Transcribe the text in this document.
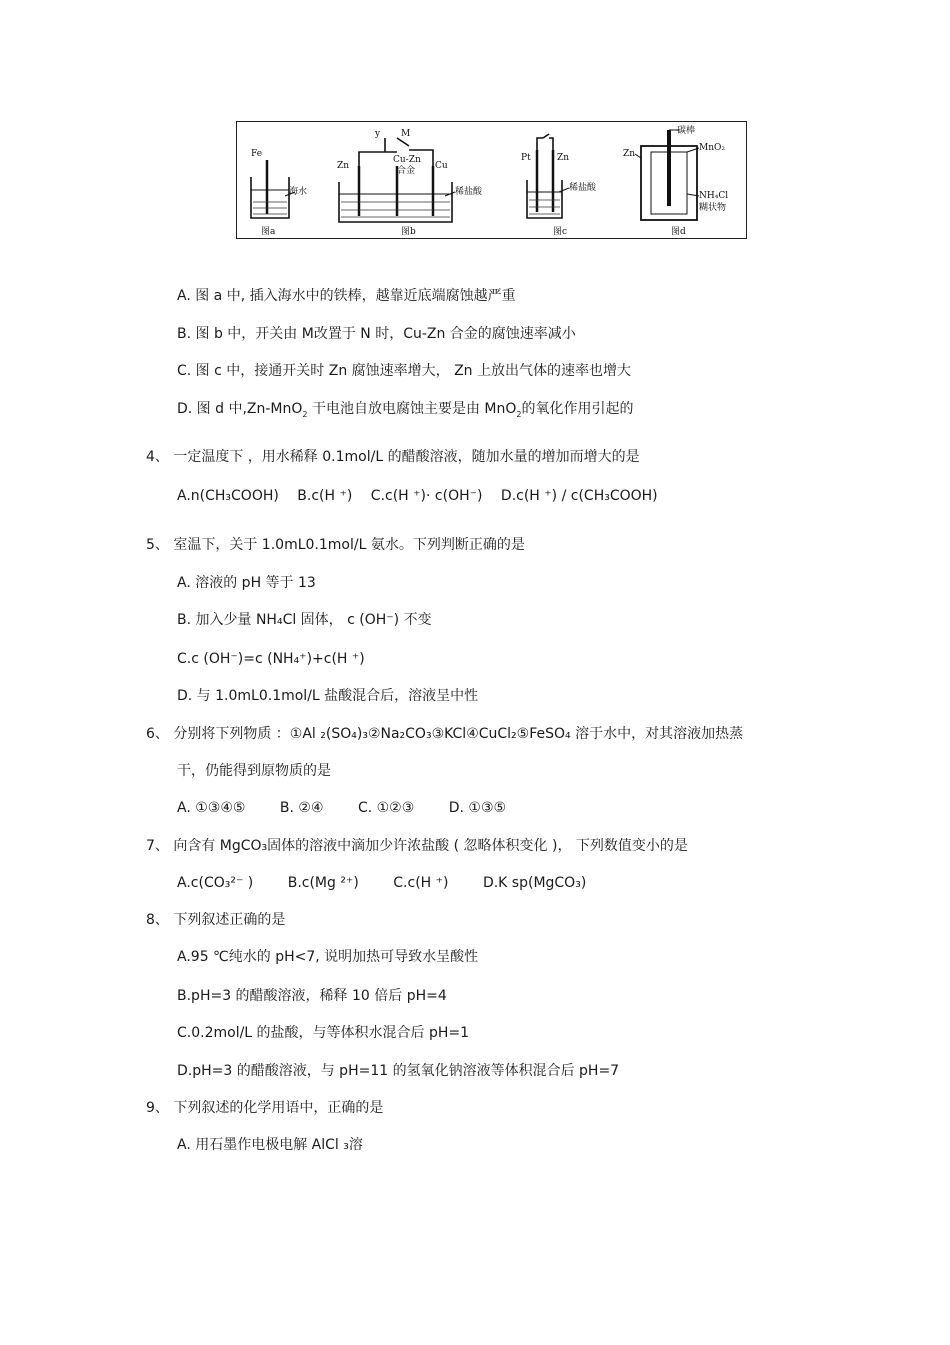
Fe
海水
图a
y M
Zn
Cu-Zn
合金 Cu
稀盐酸
图b
Pt	Zn
稀盐酸
图c
碳棒
Zn
MnO₂
NH₄Cl
糊状物
图d
A. 图 a 中, 插入海水中的铁棒，越靠近底端腐蚀越严重
B. 图 b 中，开关由 M改置于 N 时，Cu-Zn 合金的腐蚀速率减小
C. 图 c 中，接通开关时 Zn 腐蚀速率增大， Zn 上放出气体的速率也增大
D. 图 d 中,Zn-MnO$_2$ 干电池自放电腐蚀主要是由 MnO$_2$的氧化作用引起的
4、 一定温度下 ，用水稀释 0.1mol/L 的醋酸溶液，随加水量的增加而增大的是
A.n(CH₃COOH) B.c(H ⁺) C.c(H ⁺)· c(OH⁻) D.c(H ⁺) / c(CH₃COOH)
5、 室温下，关于 1.0mL0.1mol/L 氨水。下列判断正确的是
A. 溶液的 pH 等于 13
B. 加入少量 NH₄Cl 固体， c (OH⁻) 不变
C.c (OH⁻)=c (NH₄⁺)+c(H ⁺)
D. 与 1.0mL0.1mol/L 盐酸混合后，溶液呈中性
6、 分别将下列物质 ：①Al ₂(SO₄)₃②Na₂CO₃③KCl④CuCl₂⑤FeSO₄ 溶于水中，对其溶液加热蒸
干，仍能得到原物质的是
A. ①③④⑤ B. ②④ C. ①②③ D. ①③⑤
7、 向含有 MgCO₃固体的溶液中滴加少许浓盐酸 ( 忽略体积变化 )， 下列数值变小的是
A.c(CO₃²⁻ ) B.c(Mg ²⁺) C.c(H ⁺) D.K sp(MgCO₃)
8、 下列叙述正确的是
A.95 ℃纯水的 pH<7, 说明加热可导致水呈酸性
B.pH=3 的醋酸溶液，稀释 10 倍后 pH=4
C.0.2mol/L 的盐酸，与等体积水混合后 pH=1
D.pH=3 的醋酸溶液，与 pH=11 的氢氧化钠溶液等体积混合后 pH=7
9、 下列叙述的化学用语中，正确的是
A. 用石墨作电极电解 AlCl ₃溶
